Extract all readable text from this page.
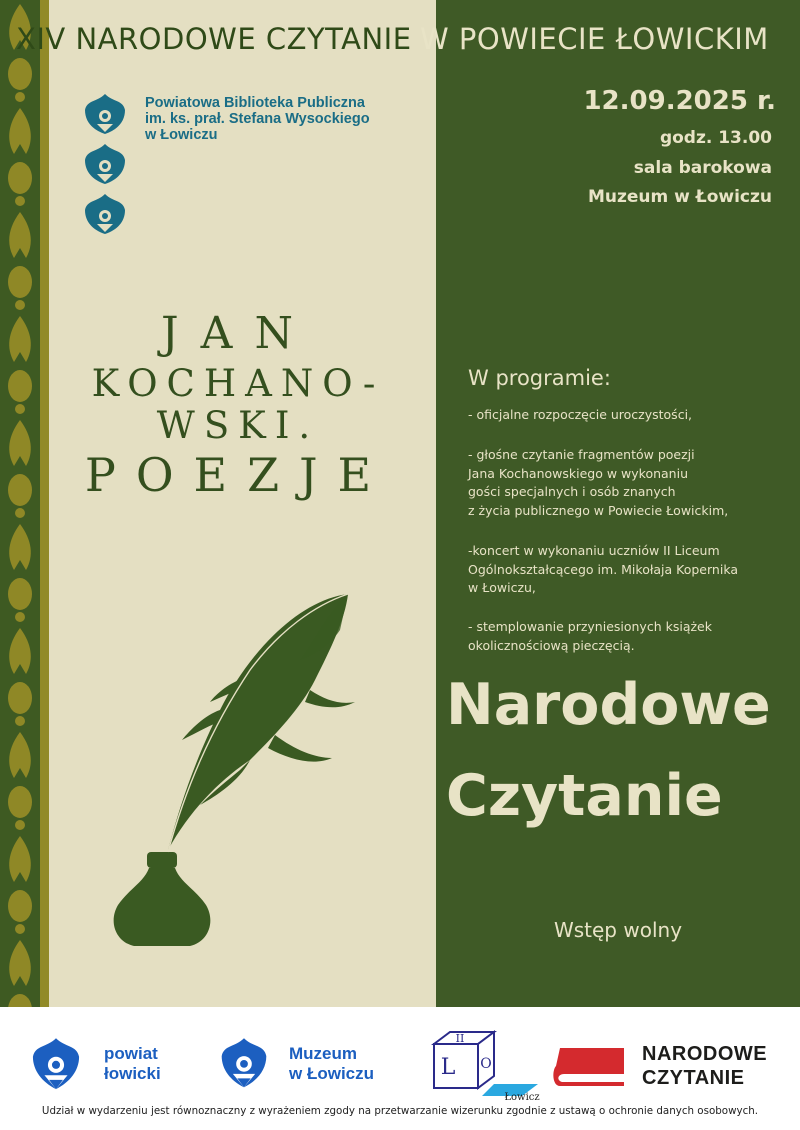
XIV NARODOWE CZYTANIE W POWIECIE ŁOWICKIM
Powiatowa Biblioteka Publiczna
im. ks. prał. Stefana Wysockiego
w Łowiczu
12.09.2025 r.
godz. 13.00
sala barokowa
Muzeum w Łowiczu
JAN
KOCHANO-
WSKI.
POEZJE
W programie:
- oficjalne rozpoczęcie uroczystości,
- głośne czytanie fragmentów poezji
Jana Kochanowskiego w wykonaniu
gości specjalnych i osób znanych
z życia publicznego w Powiecie Łowickim,
-koncert w wykonaniu uczniów II Liceum
Ogólnokształcącego im. Mikołaja Kopernika
w Łowiczu,
- stemplowanie przyniesionych książek
okolicznościową pieczęcią.
Narodowe
Czytanie
Wstęp wolny
powiat
łowicki
Muzeum
w Łowiczu
II
L O
Łowicz
NARODOWE
CZYTANIE
Udział w wydarzeniu jest równoznaczny z wyrażeniem zgody na przetwarzanie wizerunku zgodnie z ustawą o ochronie danych osobowych.
